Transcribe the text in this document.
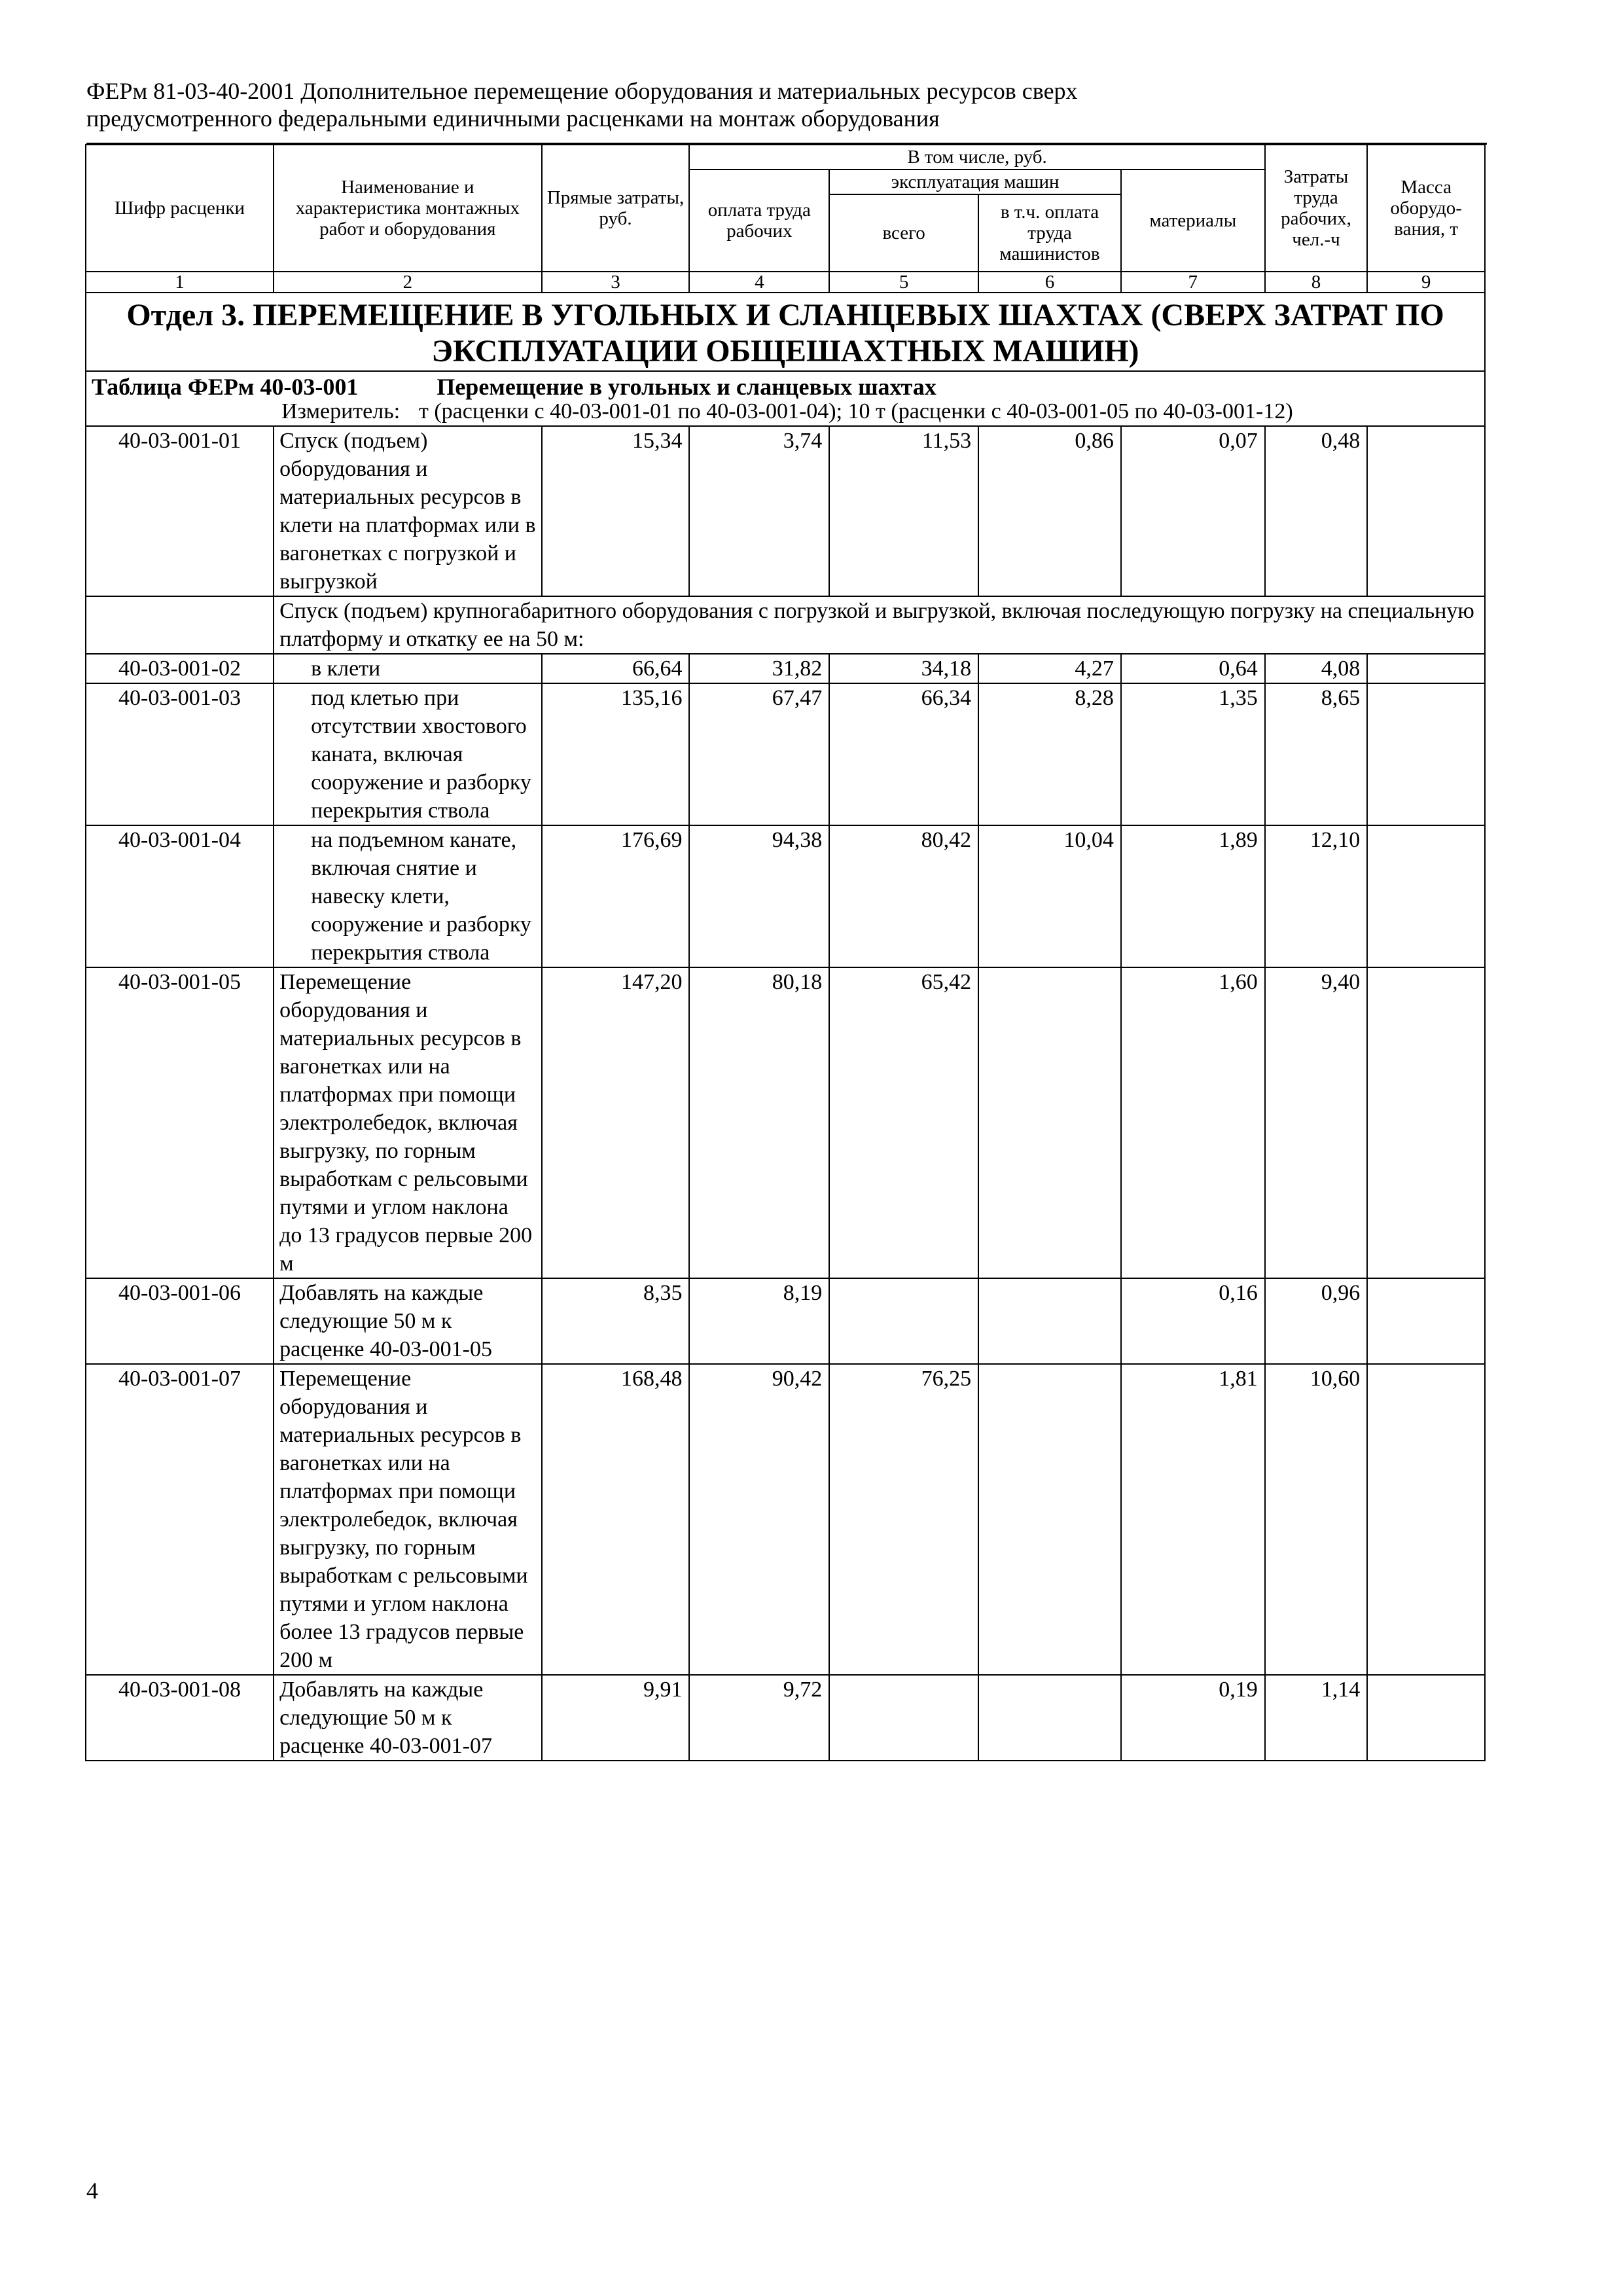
ФЕРм 81-03-40-2001 Дополнительное перемещение оборудования и материальных ресурсов сверх
предусмотренного федеральными единичными расценками на монтаж оборудования
Шифр расценки	Наименование и характеристика монтажных работ и оборудования	Прямые затраты, руб.	В том числе, руб.				Затраты труда рабочих, чел.-ч	Масса оборудо-вания, т
			оплата труда рабочих	эксплуатация машин		материалы		
				всего	в т.ч. оплата труда машинистов			
1	2	3	4	5	6	7	8	9
Отдел 3. ПЕРЕМЕЩЕНИЕ В УГОЛЬНЫХ И СЛАНЦЕВЫХ ШАХТАХ (СВЕРХ ЗАТРАТ ПО ЭКСПЛУАТАЦИИ ОБЩЕШАХТНЫХ МАШИН)								
Таблица ФЕРм 40-03-001 Перемещение в угольных и сланцевых шахтах								
Измеритель: т (расценки с 40-03-001-01 по 40-03-001-04); 10 т (расценки с 40-03-001-05 по 40-03-001-12)								
40-03-001-01	Спуск (подъем) оборудования и материальных ресурсов в клети на платформах или в вагонетках с погрузкой и выгрузкой	15,34	3,74	11,53	0,86	0,07	0,48	
	Спуск (подъем) крупногабаритного оборудования с погрузкой и выгрузкой, включая последующую погрузку на специальную платформу и откатку ее на 50 м:							
40-03-001-02	в клети	66,64	31,82	34,18	4,27	0,64	4,08	
40-03-001-03	под клетью при отсутствии хвостового каната, включая сооружение и разборку перекрытия ствола	135,16	67,47	66,34	8,28	1,35	8,65	
40-03-001-04	на подъемном канате, включая снятие и навеску клети, сооружение и разборку перекрытия ствола	176,69	94,38	80,42	10,04	1,89	12,10	
40-03-001-05	Перемещение оборудования и материальных ресурсов в вагонетках или на платформах при помощи электролебедок, включая выгрузку, по горным выработкам с рельсовыми путями и углом наклона до 13 градусов первые 200 м	147,20	80,18	65,42		1,60	9,40	
40-03-001-06	Добавлять на каждые следующие 50 м к расценке 40-03-001-05	8,35	8,19			0,16	0,96	
40-03-001-07	Перемещение оборудования и материальных ресурсов в вагонетках или на платформах при помощи электролебедок, включая выгрузку, по горным выработкам с рельсовыми путями и углом наклона более 13 градусов первые 200 м	168,48	90,42	76,25		1,81	10,60	
40-03-001-08	Добавлять на каждые следующие 50 м к расценке 40-03-001-07	9,91	9,72			0,19	1,14	
4
